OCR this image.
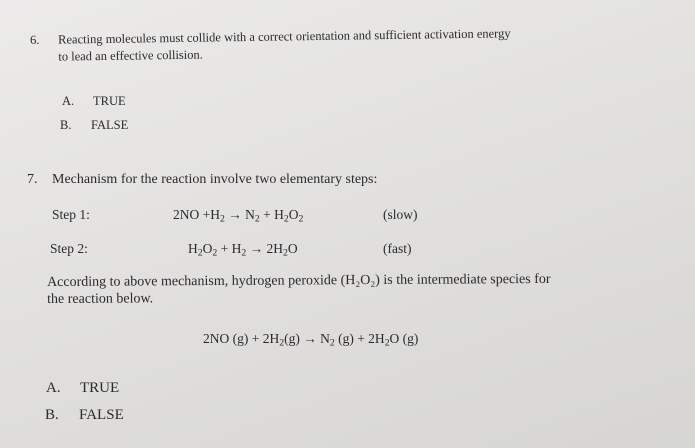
6. Reacting molecules must collide with a correct orientation and sufficient activation energy
to lead an effective collision.
A. TRUE
B. FALSE
7. Mechanism for the reaction involve two elementary steps:
Step 1:	$2NO +H_2 \to N_2 + H_2O_2$	(slow)
Step 2:	$H_2O_2 + H_2 \to 2H_2O$	(fast)
According to above mechanism, hydrogen peroxide (H₂O₂) is the intermediate species for
the reaction below.
2NO $(g) + 2H_2(g) \to N_2$ $(g) + 2H_2O$ (g)
A. TRUE
B. FALSE
